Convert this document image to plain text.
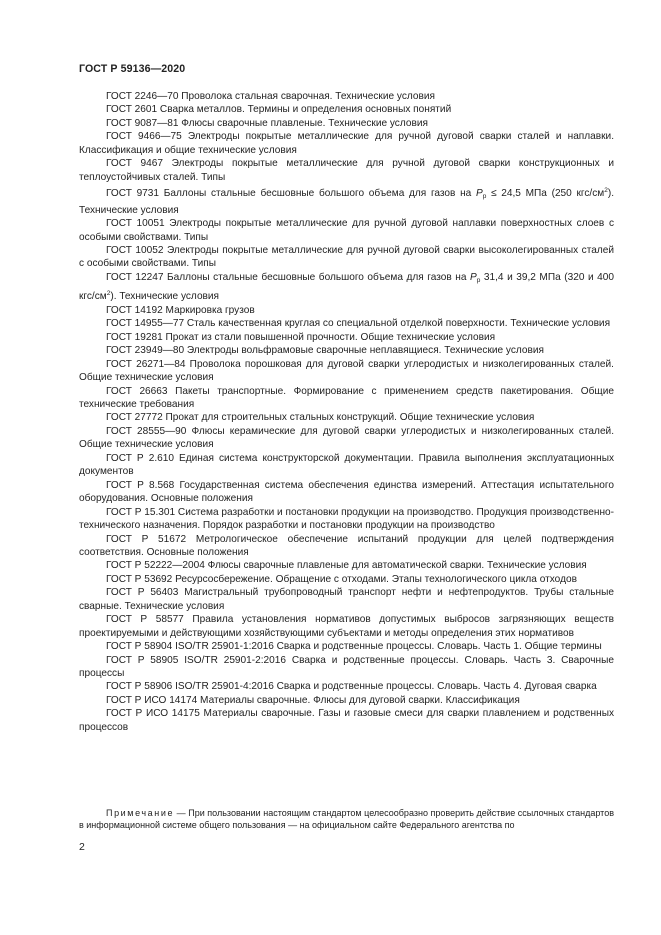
ГОСТ Р 59136—2020

ГОСТ 2246—70 Проволока стальная сварочная. Технические условия

ГОСТ 2601 Сварка металлов. Термины и определения основных понятий

ГОСТ 9087—81 Флюсы сварочные плавленые. Технические условия

ГОСТ 9466—75 Электроды покрытые металлические для ручной дуговой сварки сталей и наплавки. Классификация и общие технические условия

ГОСТ 9467 Электроды покрытые металлические для ручной дуговой сварки конструкционных и теплоустойчивых сталей. Типы

ГОСТ 9731 Баллоны стальные бесшовные большого объема для газов на $P_р \le 24,5$ МПа (250 кгс/$см^2$). Технические условия

ГОСТ 10051 Электроды покрытые металлические для ручной дуговой наплавки поверхностных слоев с особыми свойствами. Типы

ГОСТ 10052 Электроды покрытые металлические для ручной дуговой сварки высоколегированных сталей с особыми свойствами. Типы

ГОСТ 12247 Баллоны стальные бесшовные большого объема для газов на $P_р$ 31,4 и 39,2 МПа (320 и 400 кгс/$см^2$). Технические условия

ГОСТ 14192 Маркировка грузов

ГОСТ 14955—77 Сталь качественная круглая со специальной отделкой поверхности. Технические условия

ГОСТ 19281 Прокат из стали повышенной прочности. Общие технические условия

ГОСТ 23949—80 Электроды вольфрамовые сварочные неплавящиеся. Технические условия

ГОСТ 26271—84 Проволока порошковая для дуговой сварки углеродистых и низколегированных сталей. Общие технические условия

ГОСТ 26663 Пакеты транспортные. Формирование с применением средств пакетирования. Общие технические требования

ГОСТ 27772 Прокат для строительных стальных конструкций. Общие технические условия

ГОСТ 28555—90 Флюсы керамические для дуговой сварки углеродистых и низколегированных сталей. Общие технические условия

ГОСТ Р 2.610 Единая система конструкторской документации. Правила выполнения эксплуатационных документов

ГОСТ Р 8.568 Государственная система обеспечения единства измерений. Аттестация испытательного оборудования. Основные положения

ГОСТ Р 15.301 Система разработки и постановки продукции на производство. Продукция производственно-технического назначения. Порядок разработки и постановки продукции на производство

ГОСТ Р 51672 Метрологическое обеспечение испытаний продукции для целей подтверждения соответствия. Основные положения

ГОСТ Р 52222—2004 Флюсы сварочные плавленые для автоматической сварки. Технические условия

ГОСТ Р 53692 Ресурсосбережение. Обращение с отходами. Этапы технологического цикла отходов

ГОСТ Р 56403 Магистральный трубопроводный транспорт нефти и нефтепродуктов. Трубы стальные сварные. Технические условия

ГОСТ Р 58577 Правила установления нормативов допустимых выбросов загрязняющих веществ проектируемыми и действующими хозяйствующими субъектами и методы определения этих нормативов

ГОСТ Р 58904 ISO/TR 25901-1:2016 Сварка и родственные процессы. Словарь. Часть 1. Общие термины

ГОСТ Р 58905 ISO/TR 25901-2:2016 Сварка и родственные процессы. Словарь. Часть 3. Сварочные процессы

ГОСТ Р 58906 ISO/TR 25901-4:2016 Сварка и родственные процессы. Словарь. Часть 4. Дуговая сварка

ГОСТ Р ИСО 14174 Материалы сварочные. Флюсы для дуговой сварки. Классификация

ГОСТ Р ИСО 14175 Материалы сварочные. Газы и газовые смеси для сварки плавлением и родственных процессов

Примечание — При пользовании настоящим стандартом целесообразно проверить действие ссылочных стандартов в информационной системе общего пользования — на официальном сайте Федерального агентства по

2
